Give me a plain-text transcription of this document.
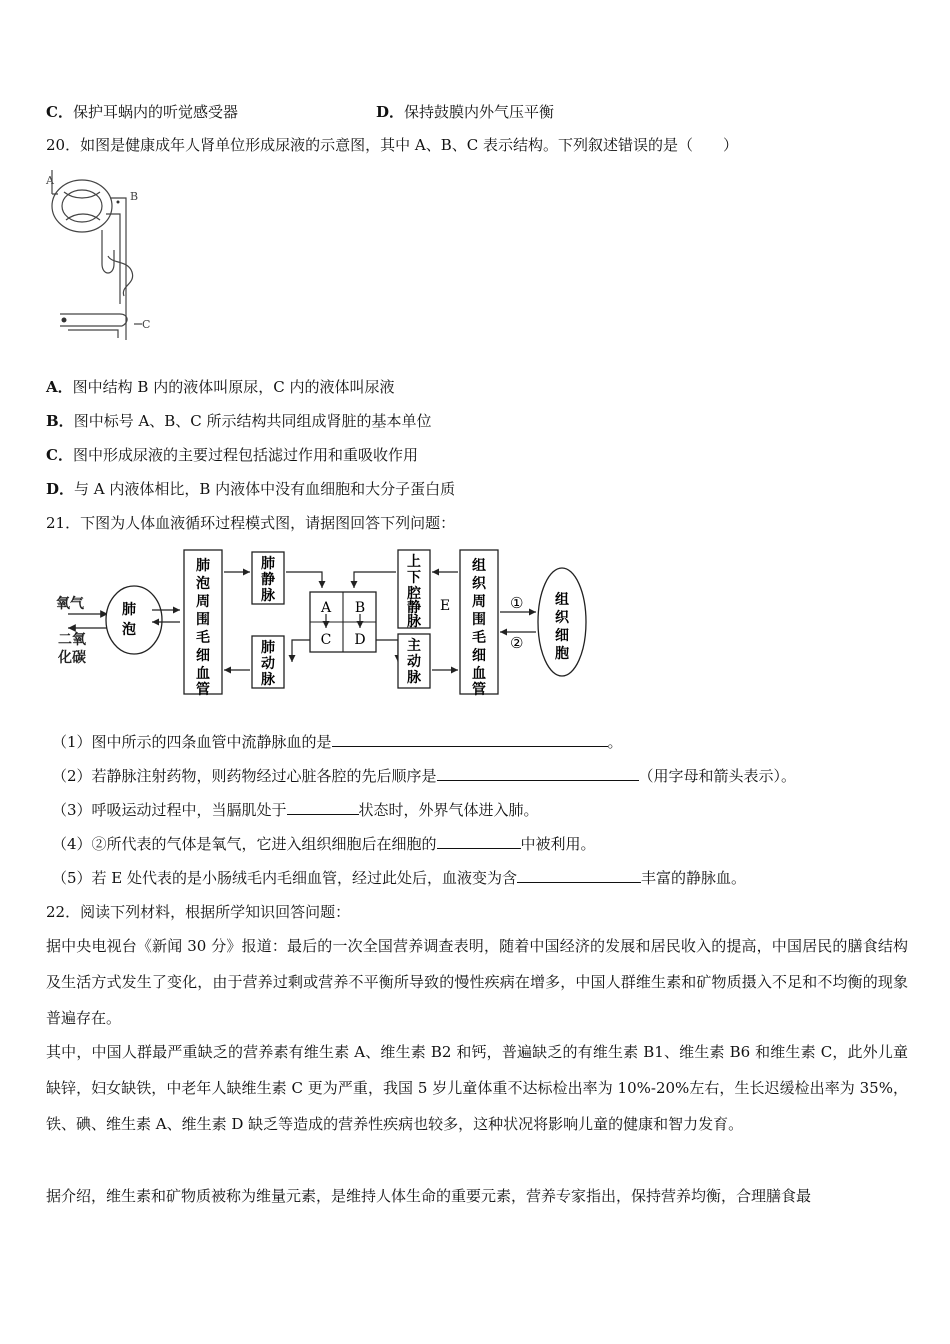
C．保护耳蜗内的听觉感受器	D．保持鼓膜内外气压平衡
20．如图是健康成年人肾单位形成尿液的示意图，其中 A、B、C 表示结构。下列叙述错误的是（　　）
A
B
C
A．图中结构 B 内的液体叫原尿，C 内的液体叫尿液
B．图中标号 A、B、C 所示结构共同组成肾脏的基本单位
C．图中形成尿液的主要过程包括滤过作用和重吸收作用
D．与 A 内液体相比，B 内液体中没有血细胞和大分子蛋白质
21．下图为人体血液循环过程模式图，请据图回答下列问题：
氧气
二氧
化碳
肺
泡
肺
泡
周
围
毛
细
血
管
肺
静
脉
肺
动
脉
A B
C D
上
下
腔
静
脉
主
动
脉
E
组
织
周
围
毛
细
血
管
①
②
组
织
细
胞
（1）图中所示的四条血管中流静脉血的是	。
（2）若静脉注射药物，则药物经过心脏各腔的先后顺序是	（用字母和箭头表示）。
（3）呼吸运动过程中，当膈肌处于	状态时，外界气体进入肺。
（4）②所代表的气体是氧气，它进入组织细胞后在细胞的	中被利用。
（5）若 E 处代表的是小肠绒毛内毛细血管，经过此处后，血液变为含	丰富的静脉血。
22．阅读下列材料，根据所学知识回答问题：
据中央电视台《新闻 30 分》报道：最后的一次全国营养调查表明，随着中国经济的发展和居民收入的提高，中国居民的膳食结构及生活方式发生了变化，由于营养过剩或营养不平衡所导致的慢性疾病在增多，中国人群维生素和矿物质摄入不足和不均衡的现象普遍存在。
其中，中国人群最严重缺乏的营养素有维生素 A、维生素 B2 和钙，普遍缺乏的有维生素 B1、维生素 B6 和维生素 C，此外儿童缺锌，妇女缺铁，中老年人缺维生素 C 更为严重，我国 5 岁儿童体重不达标检出率为 10%-20%左右，生长迟缓检出率为 35%，铁、碘、维生素 A、维生素 D 缺乏等造成的营养性疾病也较多，这种状况将影响儿童的健康和智力发育。
据介绍，维生素和矿物质被称为维量元素，是维持人体生命的重要元素，营养专家指出，保持营养均衡，合理膳食最
